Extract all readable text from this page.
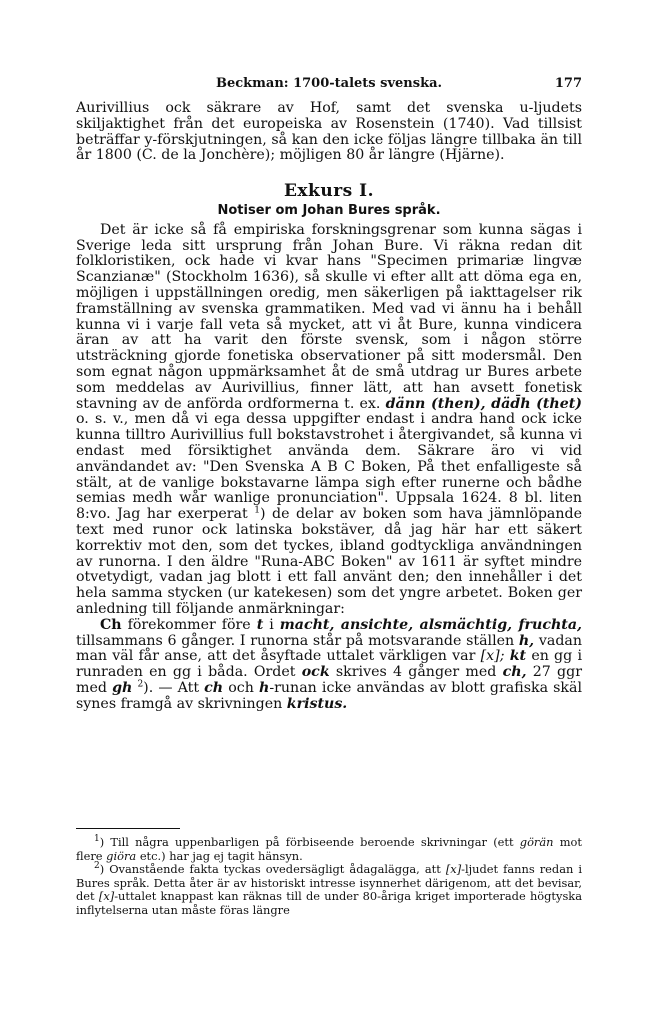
Beckman: 1700-talets svenska.	177

Aurivillius ock säkrare av Hof, samt det svenska u-ljudets skiljaktighet från det europeiska av Rosenstein (1740). Vad tillsist beträffar y-förskjutningen, så kan den icke följas längre tillbaka än till år 1800 (C. de la Jonchère); möjligen 80 år längre (Hjärne).

Exkurs I.
Notiser om Johan Bures språk.

Det är icke så få empiriska forskningsgrenar som kunna sägas i Sverige leda sitt ursprung från Johan Bure. Vi räkna redan dit folkloristiken, ock hade vi kvar hans "Specimen primariæ lingvæ Scanzianæ" (Stockholm 1636), så skulle vi efter allt att döma ega en, möjligen i uppställningen oredig, men säkerligen på iakttagelser rik framställning av svenska grammatiken. Med vad vi ännu ha i behåll kunna vi i varje fall veta så mycket, att vi åt Bure, kunna vindicera äran av att ha varit den förste svensk, som i någon större utsträckning gjorde fonetiska observationer på sitt modersmål. Den som egnat någon uppmärksamhet åt de små utdrag ur Bures arbete som meddelas av Aurivillius, finner lätt, att han avsett fonetisk stavning av de anförda ordformerna t. ex. dänn (then), däd̄h (thet) o. s. v., men då vi ega dessa uppgifter endast i andra hand ock icke kunna tilltro Aurivillius full bokstavstrohet i återgivandet, så kunna vi endast med försiktighet använda dem. Säkrare äro vi vid användandet av: "Den Svenska A B C Boken, På thet enfalligeste så stält, at de vanlige bokstavarne lämpa sigh efter runerne och bådhe semias medh wår wanlige pronunciation". Uppsala 1624. 8 bl. liten 8:vo. Jag har exerperat $^1$) de delar av boken som hava jämnlöpande text med runor ock latinska bokstäver, då jag här har ett säkert korrektiv mot den, som det tyckes, ibland godtyckliga användningen av runorna. I den äldre "Runa-ABC Boken" av 1611 är syftet mindre otvetydigt, vadan jag blott i ett fall använt den; den innehåller i det hela samma stycken (ur katekesen) som det yngre arbetet. Boken ger anledning till följande anmärkningar:

Ch förekommer före t i macht, ansichte, alsmächtig, fruchta, tillsammans 6 gånger. I runorna står på motsvarande ställen h, vadan man väl får anse, att det åsyftade uttalet värkligen var [x]; kt en gg i runraden en gg i båda. Ordet ock skrives 4 gånger med ch, 27 ggr med gh $^2$). — Att ch och h-runan icke användas av blott grafiska skäl synes framgå av skrivningen kristus.

$^1$) Till några uppenbarligen på förbiseende beroende skrivningar (ett görän mot flere giöra etc.) har jag ej tagit hänsyn.

$^2$) Ovanstående fakta tyckas ovedersägligt ådagalägga, att [x]-ljudet fanns redan i Bures språk. Detta åter är av historiskt intresse isynnerhet därigenom, att det bevisar, det [x]-uttalet knappast kan räknas till de under 80-åriga kriget importerade högtyska inflytelserna utan måste föras längre
